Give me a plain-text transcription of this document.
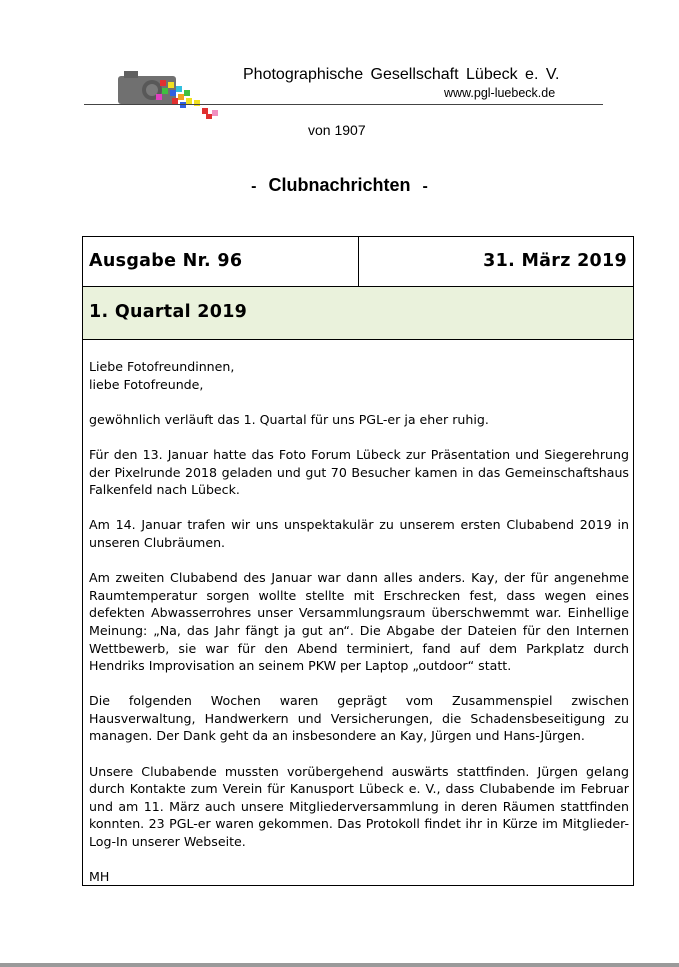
Photographische Gesellschaft Lübeck e. V.
www.pgl-luebeck.de
von 1907
- Clubnachrichten -
Ausgabe Nr. 96	31. März 2019
1. Quartal 2019

Liebe Fotofreundinnen,

liebe Fotofreunde,

gewöhnlich verläuft das 1. Quartal für uns PGL-er ja eher ruhig.

Für den 13. Januar hatte das Foto Forum Lübeck zur Präsentation und Siegerehrung der Pixelrunde 2018 geladen und gut 70 Besucher kamen in das Gemeinschaftshaus Falkenfeld nach Lübeck.

Am 14. Januar trafen wir uns unspektakulär zu unserem ersten Clubabend 2019 in unseren Clubräumen.

Am zweiten Clubabend des Januar war dann alles anders. Kay, der für angenehme Raumtemperatur sorgen wollte stellte mit Erschrecken fest, dass wegen eines defekten Abwasserrohres unser Versammlungsraum überschwemmt war. Einhellige Meinung: „Na, das Jahr fängt ja gut an“. Die Abgabe der Dateien für den Internen Wettbewerb, sie war für den Abend terminiert, fand auf dem Parkplatz durch Hendriks Improvisation an seinem PKW per Laptop „outdoor“ statt.

Die folgenden Wochen waren geprägt vom Zusammenspiel zwischen Hausverwaltung, Handwerkern und Versicherungen, die Schadensbeseitigung zu managen. Der Dank geht da an insbesondere an Kay, Jürgen und Hans-Jürgen.

Unsere Clubabende mussten vorübergehend auswärts stattfinden. Jürgen gelang durch Kontakte zum Verein für Kanusport Lübeck e. V., dass Clubabende im Februar und am 11. März auch unsere Mitgliederversammlung in deren Räumen stattfinden konnten. 23 PGL-er waren gekommen. Das Protokoll findet ihr in Kürze im Mitglieder-Log-In unserer Webseite.

MH
